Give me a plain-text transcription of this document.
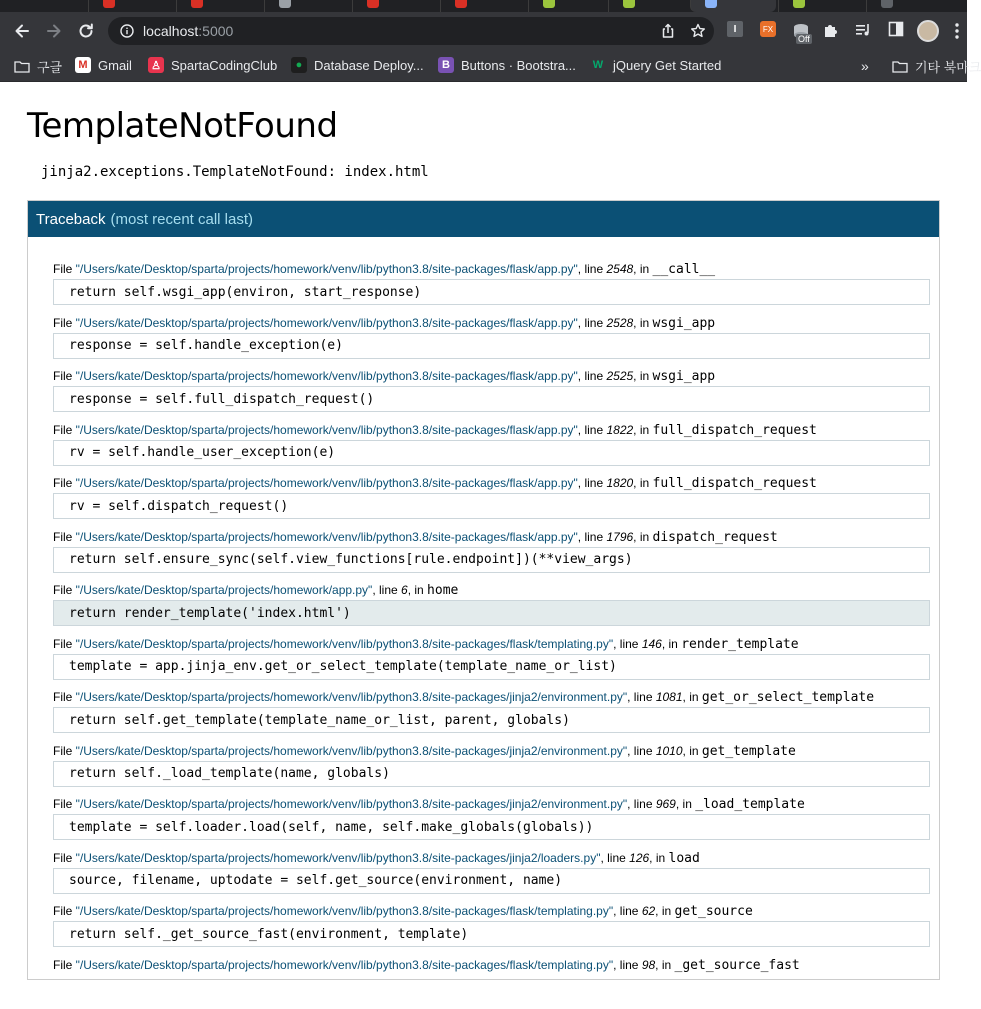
localhost:5000	I	FX
Off
구글	M Gmail ♙ SpartaCodingClub	● Database Deploy...	B Buttons · Bootstra... W jQuery Get Started	»	기타 북마크
TemplateNotFound
jinja2.exceptions.TemplateNotFound: index.html
Traceback (most recent call last)
File "/Users/kate/Desktop/sparta/projects/homework/venv/lib/python3.8/site-packages/flask/app.py", line 2548, in __call__
return self.wsgi_app(environ, start_response)
File "/Users/kate/Desktop/sparta/projects/homework/venv/lib/python3.8/site-packages/flask/app.py", line 2528, in wsgi_app
response = self.handle_exception(e)
File "/Users/kate/Desktop/sparta/projects/homework/venv/lib/python3.8/site-packages/flask/app.py", line 2525, in wsgi_app
response = self.full_dispatch_request()
File "/Users/kate/Desktop/sparta/projects/homework/venv/lib/python3.8/site-packages/flask/app.py", line 1822, in full_dispatch_request
rv = self.handle_user_exception(e)
File "/Users/kate/Desktop/sparta/projects/homework/venv/lib/python3.8/site-packages/flask/app.py", line 1820, in full_dispatch_request
rv = self.dispatch_request()
File "/Users/kate/Desktop/sparta/projects/homework/venv/lib/python3.8/site-packages/flask/app.py", line 1796, in dispatch_request
return self.ensure_sync(self.view_functions[rule.endpoint])(**view_args)
File "/Users/kate/Desktop/sparta/projects/homework/app.py", line 6, in home
return render_template('index.html')
File "/Users/kate/Desktop/sparta/projects/homework/venv/lib/python3.8/site-packages/flask/templating.py", line 146, in render_template
template = app.jinja_env.get_or_select_template(template_name_or_list)
File "/Users/kate/Desktop/sparta/projects/homework/venv/lib/python3.8/site-packages/jinja2/environment.py", line 1081, in get_or_select_template
return self.get_template(template_name_or_list, parent, globals)
File "/Users/kate/Desktop/sparta/projects/homework/venv/lib/python3.8/site-packages/jinja2/environment.py", line 1010, in get_template
return self._load_template(name, globals)
File "/Users/kate/Desktop/sparta/projects/homework/venv/lib/python3.8/site-packages/jinja2/environment.py", line 969, in _load_template
template = self.loader.load(self, name, self.make_globals(globals))
File "/Users/kate/Desktop/sparta/projects/homework/venv/lib/python3.8/site-packages/jinja2/loaders.py", line 126, in load
source, filename, uptodate = self.get_source(environment, name)
File "/Users/kate/Desktop/sparta/projects/homework/venv/lib/python3.8/site-packages/flask/templating.py", line 62, in get_source
return self._get_source_fast(environment, template)
File "/Users/kate/Desktop/sparta/projects/homework/venv/lib/python3.8/site-packages/flask/templating.py", line 98, in _get_source_fast
